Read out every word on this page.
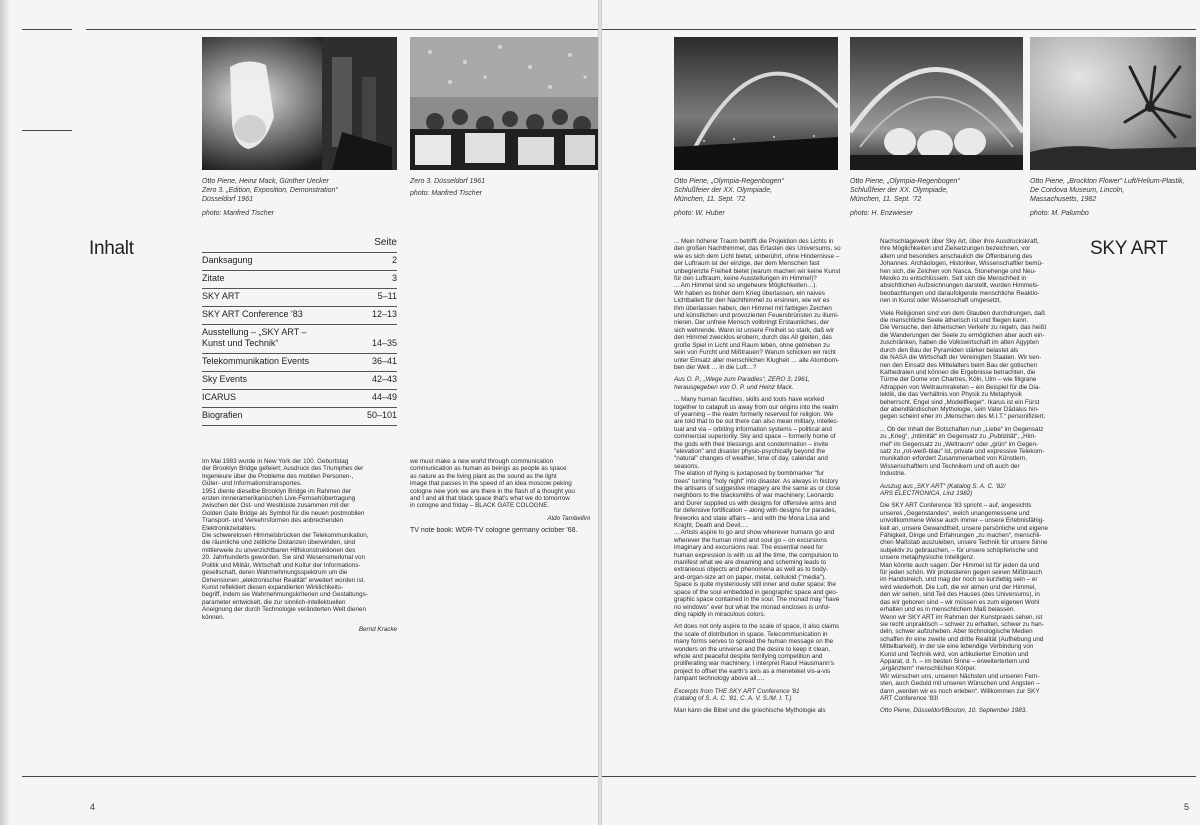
Otto Piene, Heinz Mack, Günther Uecker
Zero 3. „Edition, Exposition, Demonstration“
Düsseldorf 1961
photo: Manfred Tischer
Zero 3. Düsseldorf 1961
photo: Manfred Tischer
Inhalt	Seite
Danksagung	2
Zitate	3
SKY ART	5–11
SKY ART Conference '83	12–13
Ausstellung – „SKY ART –
Kunst und Technik“	14–35
Telekommunikation Events	36–41
Sky Events	42–43
ICARUS	44–49
Biografien	50–101

Im Mai 1983 wurde in New York der 100. Geburtstag
der Brooklyn Bridge gefeiert; Ausdruck des Triumphes der
Ingenieure über die Probleme des mobilen Personen-,
Güter- und Informationstransportes.
1951 diente dieselbe Brooklyn Bridge im Rahmen der
ersten innneramerikanischen Live-Fernsehübertragung
zwischen der Ost- und Westküste zusammen mit der
Golden Gate Bridge als Symbol für die neuen postmobilen
Transport- und Verkehrsformen des anbrechenden
Elektronikzeitalters.
Die schwerelosen Himmelsbrücken der Telekommunikation,
die räumliche und zeitliche Distanzen überwinden, sind
mittlerweile zu unverzichtbaren Hilfskonstruktionen des
20. Jahrhunderts geworden. Sie sind Wesensmerkmal von
Politik und Militär, Wirtschaft und Kultur der Informations-
gesellschaft, deren Wahrnehmungsspektrum um die
Dimensionen „elektronischer Realität“ erweitert worden ist.
Kunst reflektiert diesen expandierten Wirklichkeits-
begriff, indem sie Wahrnehmungskriterien und Gestaltungs-
parameter entwickelt, die zur sinnlich-intellektuellen
Aneignung der durch Technologie veränderten Welt dienen
können.

Bernd Kracke

we must make a new world through communication
communication as human as beings as people as space
as nature as the living plant as the sound as the light
image that passes in the speed of an idea moscow peking
cologne new york we are there in the flash of a thought you
and I and all that black space that's what we do tomorrow
in cologne and friday – BLACK GATE COLOGNE.

Aldo Tambellini
TV note book: WDR-TV cologne germany october '68.
4
Otto Piene, „Olympia-Regenbogen“
Schlußfeier der XX. Olympiade,
München, 11. Sept. '72
photo: W. Huber
Otto Piene, „Olympia-Regenbogen“
Schlußfeier der XX. Olympiade,
München, 11. Sept. '72
photo: H. Enzwieser
Otto Piene, „Brockton Flower“ Luft/Helium-Plastik,
De Cordova Museum, Lincoln,
Massachusetts, 1982
photo: M. Palumbo

... Mein höherer Traum betrifft die Projektion des Lichts in
den großen Nachthimmel, das Ertasten des Universums, so
wie es sich dem Licht bietet, unberührt, ohne Hindernisse –
der Luftraum ist der einzige, der dem Menschen fast
unbegrenzte Freiheit bietet (warum machen wir keine Kunst
für den Luftraum, keine Ausstellungen im Himmel)?
... Am Himmel sind so ungeheure Möglichkeiten…).
Wir haben es bisher dem Krieg überlassen, ein naives
Lichtballett für den Nachthimmel zu ersinnen, wie wir es
ihm überlassen haben, den Himmel mit farbigen Zeichen
und künstlichen und provozierten Feuersbrünsten zu illumi-
nieren. Der unfreie Mensch vollbringt Erstaunliches, der
sich wehrende. Wann ist unsere Freiheit so stark, daß wir
den Himmel zwecklos erobern, durch das All gleiten, das
große Spiel in Licht und Raum leben, ohne getrieben zu
sein von Furcht und Mißtrauen? Warum schicken wir nicht
unter Einsatz aller menschlichen Klugheit … alle Atombom-
ben der Welt … in die Luft…?

Aus O. P., „Wege zum Paradies“, ZERO 3, 1961,
herausgegeben von O. P. und Heinz Mack.

... Many human faculties, skills and tools have worked
together to catapult us away from our origins into the realm
of yearning – the realm formerly reserved for religion. We
are told that to be out there can also mean military, intellec-
tual and via – orbiting information systems – political and
commercial superiority. Sky and space – formerly home of
the gods with their blessings and condemnation – invite
"elevation" and disaster physio-psychically beyond the
"natural" changes of weather, time of day, calendar and
seasons.
The elation of flying is juxtaposed by bombmarker "fur
trees" turning "holy night" into disaster. As always in history
the artisans of suggestive imagery are the same as or close
neighbors to the blacksmiths of war machinery; Leonardo
and Durer supplied us with designs for offensive arms and
for defensive fortification – along with designs for parades,
fireworks and state affairs – and with the Mona Lisa and
Knight, Death and Devil….
... Artists aspire to go and show wherever humans go and
wherever the human mind and soul go – on excursions
imaginary and excursions real. The essential need for
human expression is with us all the time, the compulsion to
manifest what we are dreaming and scheming leads to
extraneous objects and phenomena as well as to body-
and-organ-size art on paper, metal, celluloid ("media").
Space is quite mysteriously still inner and outer space; the
space of the soul embedded in geographic space and geo-
graphic space contained in the soul. The monad may "have
no windows" ever but what the monad encloses is unfol-
ding rapidly in miraculous colors.

Art does not only aspire to the scale of space, it also claims
the scale of distribution in space. Telecommunication in
many forms serves to spread the human message on the
wonders on the universe and the desire to keep it clean,
whole and peaceful despite terrifying competition and
proliferating war machinery. I interpret Raoul Hausmann's
project to offset the earth's axis as a menetekel vis-a-vis
rampant technology above all….

Excerpts from THE SKY ART Conference '81
(catalog of S. A. C. '81, C. A. V. S./M. I. T.)

Man kann die Bibel und die griechische Mythologie als

Nachschlagewerk über Sky Art, über ihre Ausdruckskraft,
ihre Möglichkeiten und Zielsetzungen bezeichnen, vor
allem und besonders anschaulich die Offenbarung des
Johannes. Archäologen, Historiker, Wissenschaftler bemü-
hen sich, die Zeichen von Nasca, Stonehenge und Neu-
Mexiko zu entschlüsseln. Seit sich die Menschheit in
absichtlichen Aufzeichnungen darstellt, wurden Himmels-
beobachtungen und daraufolgende menschliche Reaktio-
nen in Kunst oder Wissenschaft umgesetzt.

Viele Religionen sind von dem Glauben durchdrungen, daß
die menschliche Seele ätherisch ist und fliegen kann.
Die Versuche, den ätherischen Verkehr zu regeln, das heißt
die Wanderungen der Seele zu ermöglichen aber auch ein-
zuschränken, haben die Volkswirtschaft im alten Ägypten
durch den Bau der Pyramiden stärker belastet als
die NASA die Wirtschaft der Vereinigten Staaten. Wir ken-
nen den Einsatz des Mittelalters beim Bau der gotischen
Kathedralen und können die Ergebnisse betrachten, die
Türme der Dome von Chartres, Köln, Ulm – wie filigrane
Attrappen von Weltraumraketen – ein Beispiel für die Dia-
lektik, die das Verhältnis von Physik zu Metaphysik
beherrscht. Engel sind „Modellflieger“. Ikarus ist ein Fürst
der abendländischen Mythologie, sein Vater Dädalus hin-
gegen scheint eher im „Menschen des M.I.T.“ personifiziert.

... Ob der Inhalt der Botschaften nun „Liebe“ im Gegensatz
zu „Krieg“, „Intimität“ im Gegensatz zu „Publizität“, „Him-
mel“ im Gegensatz zu „Weltraum“ oder „grün“ im Gegen-
satz zu „rot-weiß-blau“ ist, private und expressive Telekom-
munikation erfordert Zusammenarbeit von Künstlern,
Wissenschaftlern und Technikern und oft auch der
Industrie.

Auszug aus „SKY ART“ (Katalog S. A. C. '82/
ARS ELECTRONICA, Linz 1982)

Die SKY ART Conference '83 spricht – auf, angesichts
unseres „Gegenstandes“, welch unangemessene und
unvollkommene Weise auch immer – unsere Erlebnisfähig-
keit an, unsere Gewandtheit, unsere persönliche und eigene
Fähigkeit, Dinge und Erfahrungen „zu machen“, menschli-
chen Maßstab auszuleben, unsere Technik für unsere Sinne
subjektiv zu gebrauchen, – für unsere schöpferische und
unsere metaphysische Intelligenz.
Man könnte auch sagen: Der Himmel ist für jeden da und
für jeden schön. Wir protestieren gegen seinen Mißbrauch
im Handstreich, und mag der noch so kurzlebig sein – er
wird wiederholt. Die Luft, die wir atmen und der Himmel,
den wir sehen, sind Teil des Hauses (des Universums), in
das wir geboren sind – wir müssen es zum eigenen Wohl
erhalten und es in menschlichem Maß belassen.
Wenn wir SKY ART im Rahmen der Kunstpraxis sehen, ist
sie recht unpraktisch – schwer zu erhalten, schwer zu han-
deln, schwer aufzuheben. Aber technologische Medien
schaffen ihr eine zweite und dritte Realität (Aufhebung und
Mittelbarkeit), in der sie eine lebendige Verbindung von
Kunst und Technik wird, von artikulierter Emotion und
Apparat, d. h. – im besten Sinne – erweitertertem und
„ergänztem“ menschlichen Körper.
Wir wünschen uns, unseren Nächsten und unseren Fern-
sten, auch Geduld mit unseren Wünschen und Ängsten –
dann „werden wir es noch erleben“. Willkommen zur SKY
ART Conference '83!

Otto Piene, Düsseldorf/Boston, 10. September 1983.

SKY ART
5
